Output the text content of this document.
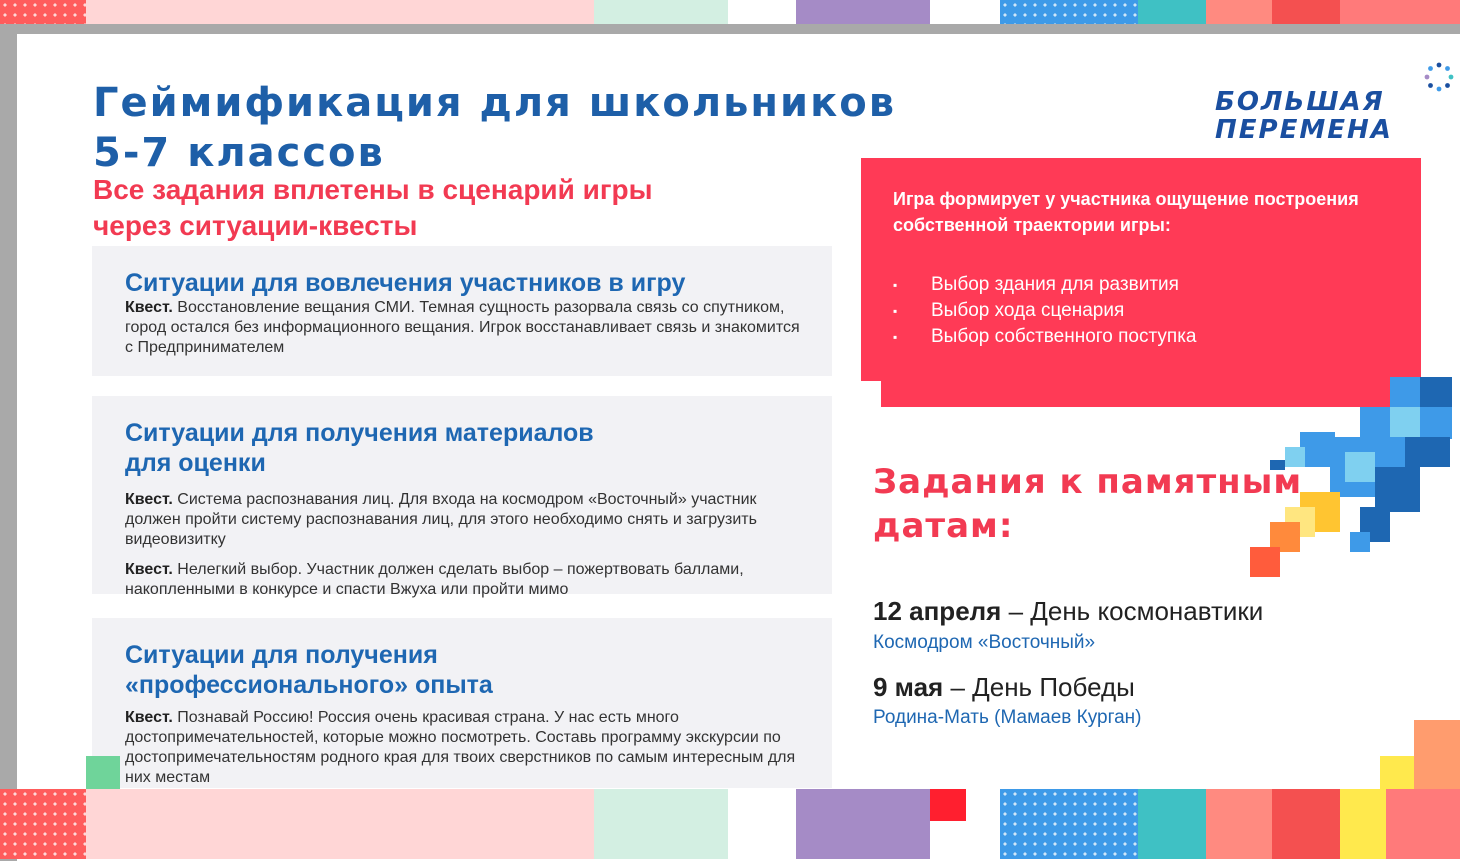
Геймификация для школьников
5-7 классов
Все задания вплетены в сценарий игры
через ситуации-квесты
БОЛЬШАЯ
ПЕРЕМЕНА
Ситуации для вовлечения участников в игру

Квест. Восстановление вещания СМИ. Темная сущность разорвала связь со спутником, город остался без информационного вещания. Игрок восстанавливает связь и знакомится с Предпринимателем

Ситуации для получения материалов
для оценки

Квест. Система распознавания лиц. Для входа на космодром «Восточный» участник должен пройти систему распознавания лиц, для этого необходимо снять и загрузить видеовизитку

Квест. Нелегкий выбор. Участник должен сделать выбор – пожертвовать баллами, накопленными в конкурсе и спасти Вжуха или пройти мимо

Ситуации для получения
«профессионального» опыта

Квест. Познавай Россию! Россия очень красивая страна. У нас есть много достопримечательностей, которые можно посмотреть. Составь программу экскурсии по достопримечательностям родного края для твоих сверстников по самым интересным для них местам

Игра формирует у участника ощущение построения собственной траектории игры:
▪ Выбор здания для развития
▪ Выбор хода сценария
▪ Выбор собственного поступка
Задания к памятным
датам:
12 апреля – День космонавтики
Космодром «Восточный»
9 мая – День Победы
Родина-Мать (Мамаев Курган)
